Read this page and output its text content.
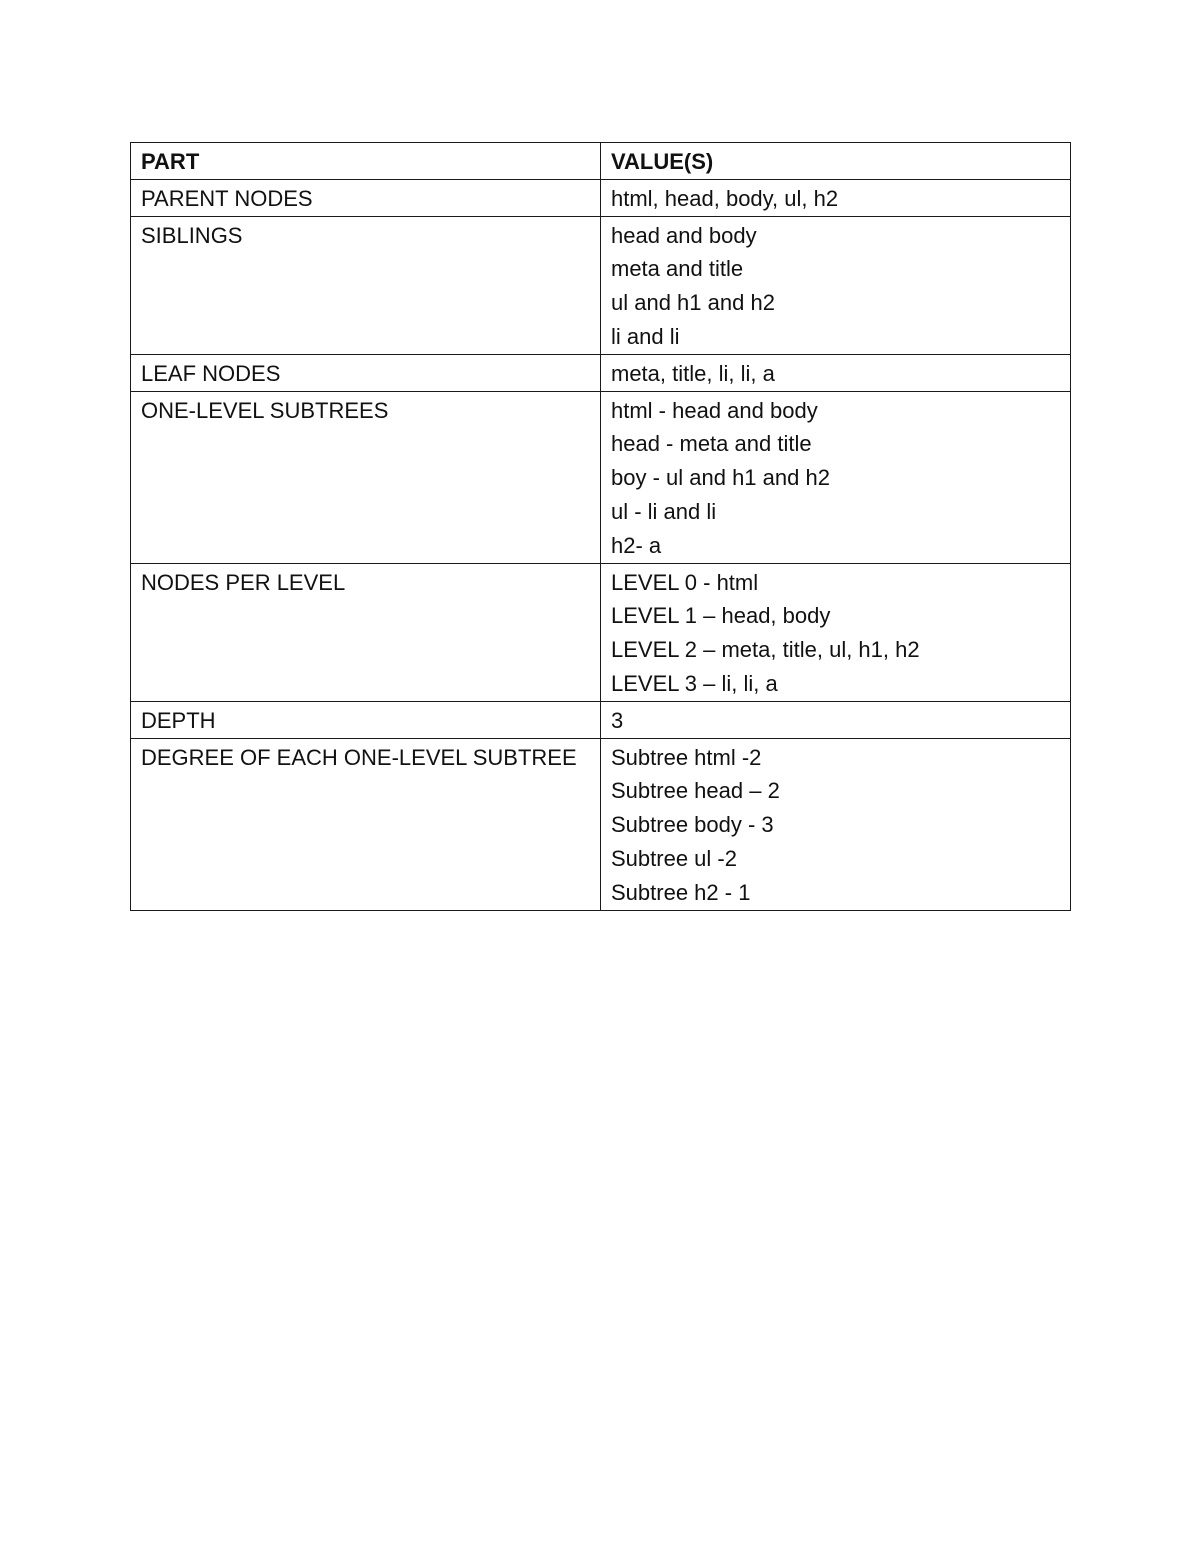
PART	VALUE(S)

PARENT NODES	html, head, body, ul, h2

SIBLINGS	head and body
meta and title
ul and h1 and h2
li and li

LEAF NODES	meta, title, li, li, a

ONE-LEVEL SUBTREES	html - head and body
head - meta and title
boy - ul and h1 and h2
ul - li and li
h2- a

NODES PER LEVEL	LEVEL 0 - html
LEVEL 1 – head, body
LEVEL 2 – meta, title, ul, h1, h2
LEVEL 3 – li, li, a

DEPTH	3

DEGREE OF EACH ONE-LEVEL SUBTREE	Subtree html -2
Subtree head – 2
Subtree body - 3
Subtree ul -2
Subtree h2 - 1
